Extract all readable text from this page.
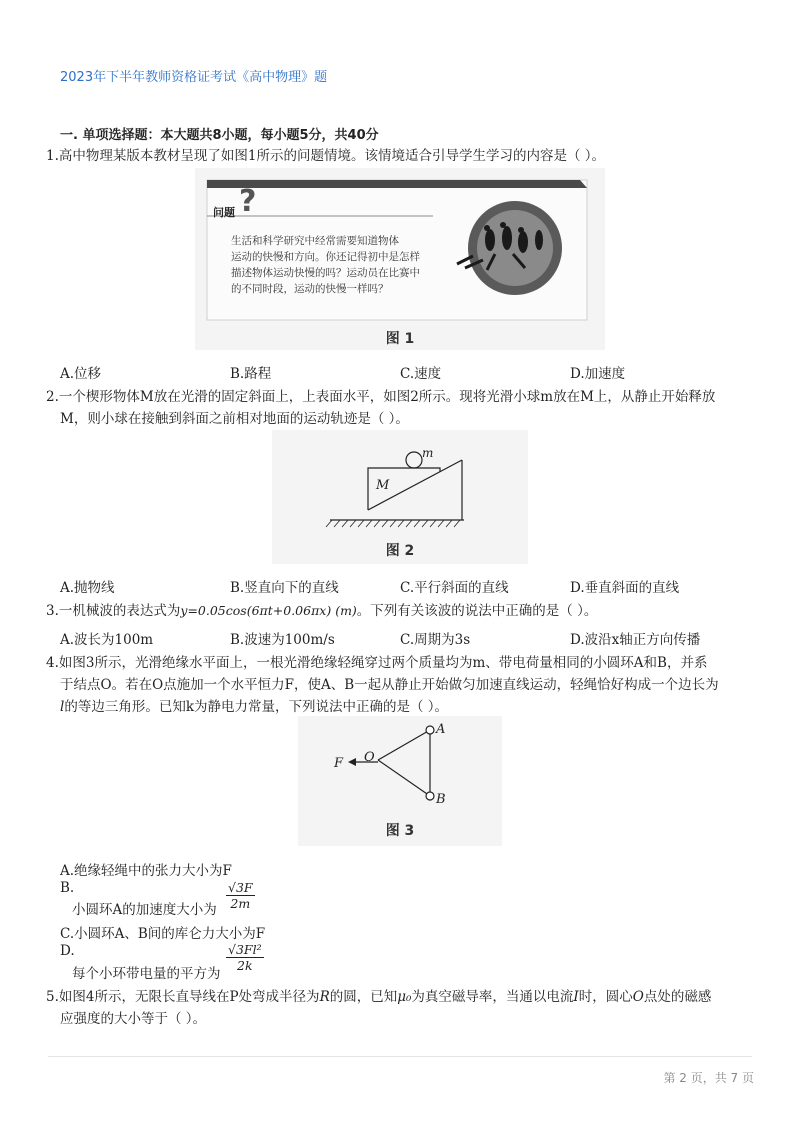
2023年下半年教师资格证考试《高中物理》题
一. 单项选择题：本大题共8小题，每小题5分，共40分
1.高中物理某版本教材呈现了如图1所示的问题情境。该情境适合引导学生学习的内容是（ ）。
问题 ?
生活和科学研究中经常需要知道物体
运动的快慢和方向。你还记得初中是怎样
描述物体运动快慢的吗？运动员在比赛中
的不同时段，运动的快慢一样吗？
图 1
A.位移	B.路程	C.速度	D.加速度
2.一个楔形物体M放在光滑的固定斜面上，上表面水平，如图2所示。现将光滑小球m放在M上，从静止开始释放
M，则小球在接触到斜面之前相对地面的运动轨迹是（ ）。
M
m
图 2
A.抛物线	B.竖直向下的直线	C.平行斜面的直线	D.垂直斜面的直线
3.一机械波的表达式为y=0.05cos(6πt+0.06πx) (m)。下列有关该波的说法中正确的是（ ）。
A.波长为100m	B.波速为100m/s	C.周期为3s	D.波沿x轴正方向传播
4.如图3所示，光滑绝缘水平面上，一根光滑绝缘轻绳穿过两个质量均为m、带电荷量相同的小圆环A和B，并系
于结点O。若在O点施加一个水平恒力F，使A、B一起从静止开始做匀加速直线运动，轻绳恰好构成一个边长为
l的等边三角形。已知k为静电力常量，下列说法中正确的是（ ）。
F O
A
B
图 3
A.绝缘轻绳中的张力大小为F
B.
小圆环A的加速度大小为 $\frac{√3F}{2m}$
C.小圆环A、B间的库仑力大小为F
D.
每个小环带电量的平方为
$\frac{\text{√3Fl²}}{2k}$
5.如图4所示，无限长直导线在P处弯成半径为R的圆，已知μ₀为真空磁导率，当通以电流I时，圆心O点处的磁感
应强度的大小等于（ ）。
第 2 页，共 7 页
